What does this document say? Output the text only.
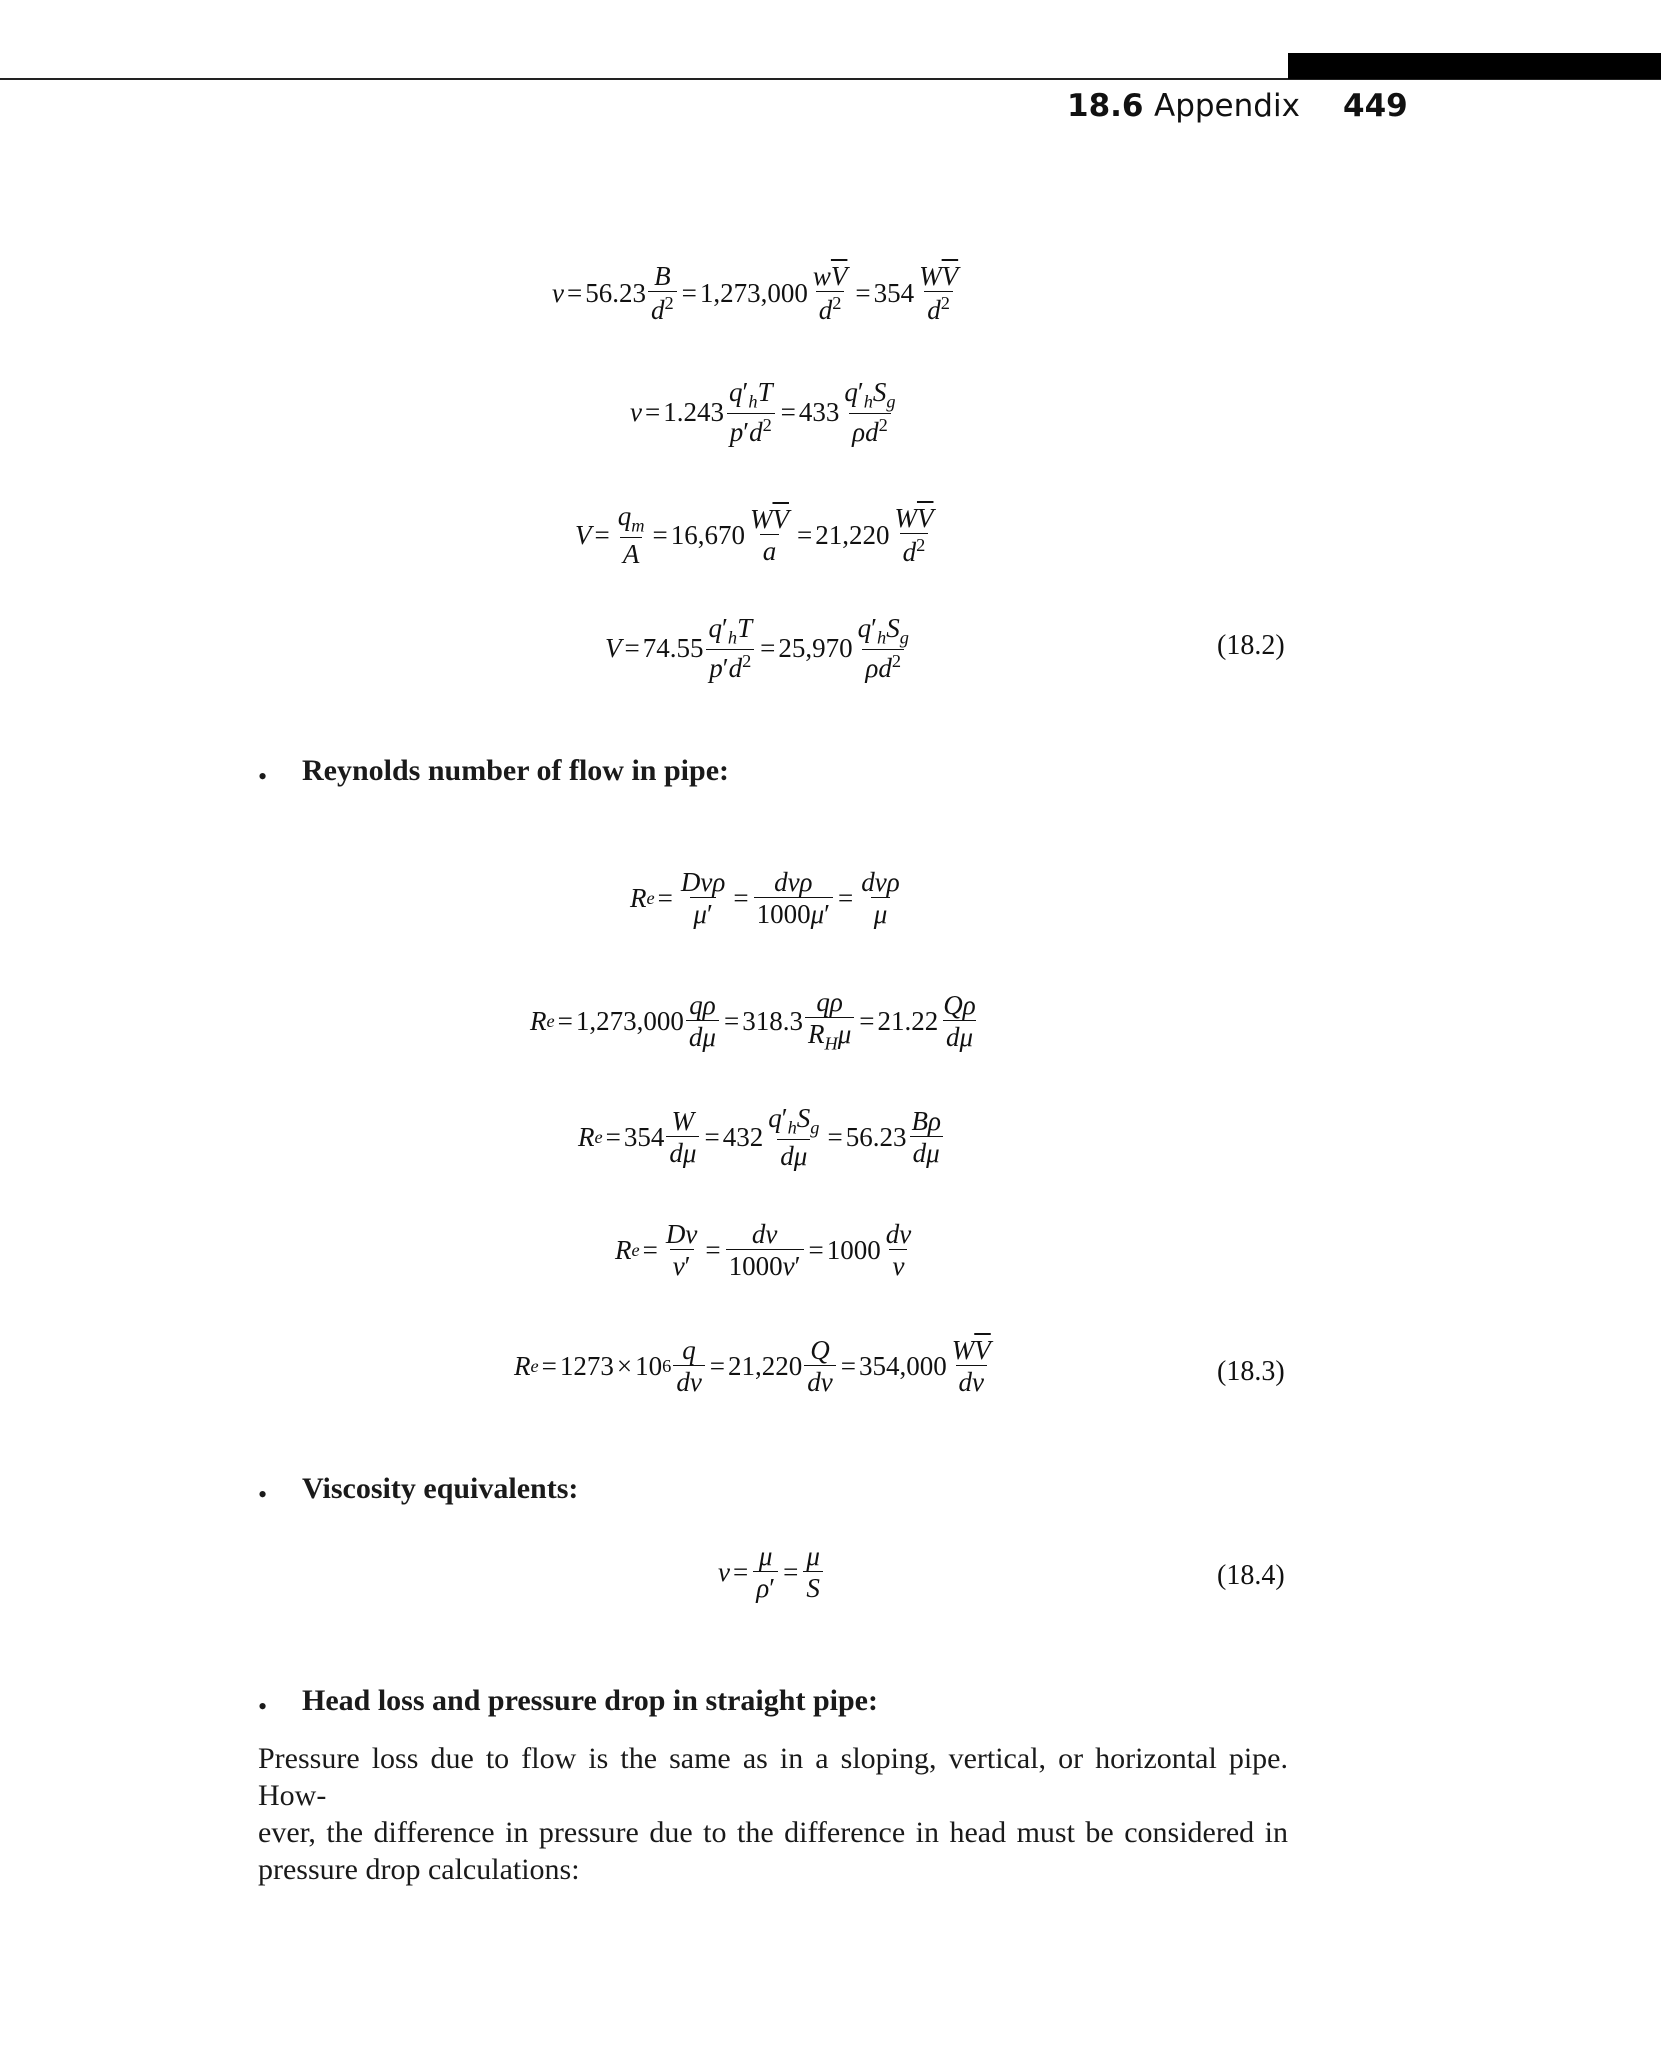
18.6 Appendix 449
$v = 56.23 \frac{B}{d^2} = 1,273,000 \frac{w\overline{V}}{d^2} = 354 \frac{W\overline{V}}{d^2}$
$v = 1.243 \frac{q'_hT}{p'd^2} = 433 \frac{q'_hS_g}{\rho d^2}$
$V = \frac{q_m}{A} = 16,670 \frac{W\overline{V}}{a} = 21,220 \frac{W\overline{V}}{d^2}$
$V = 74.55 \frac{q'_hT}{p'd^2} = 25,970 \frac{q'_hS_g}{\rho d^2}$	(18.2)
• Reynolds number of flow in pipe:
R $e = \frac{\text{Dvρ}}{\mu'} = \frac{\text{dvρ}}{1000\mu'} = \frac{\text{dvρ}}{\mu}$
R $e = 1,273,000 \frac{q\rho}{d\mu} = 318.3 \frac{q\rho}{R_H\mu} = 21.22 \frac{Q\rho}{d\mu}$
R $e = 354 \frac{W}{d\mu} = 432 \frac{q'_hS_g}{d\mu} = 56.23 \frac{B\rho}{d\mu}$
R $e = \frac{Dv}{v'} = \frac{dv}{1000v'} = 1000 \frac{dv}{v}$
R e = 1273 × 10 $6 \frac{q}{dv} = 21,220 \frac{Q}{dv} = 354,000 \frac{W\overline{V}}{dv}$	(18.3)
• Viscosity equivalents:
$v = \frac{\mu}{\rho'} = \frac{\mu}{S}$	(18.4)
• Head loss and pressure drop in straight pipe:
Pressure loss due to flow is the same as in a sloping, vertical, or horizontal pipe. How-
ever, the difference in pressure due to the difference in head must be considered in
pressure drop calculations:
